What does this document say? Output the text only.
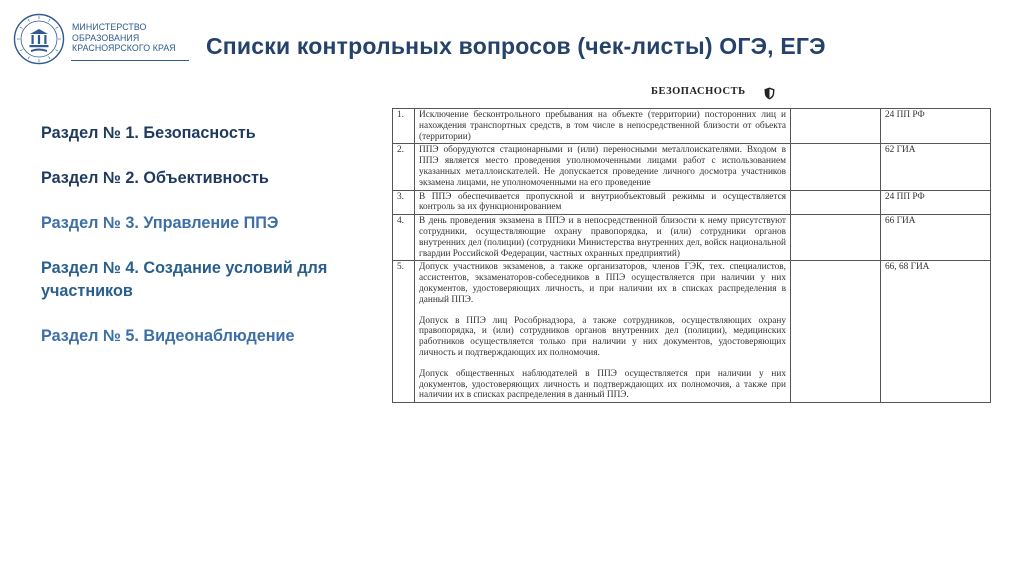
МИНИСТЕРСТВО
ОБРАЗОВАНИЯ
КРАСНОЯРСКОГО КРАЯ Списки контрольных вопросов (чек-листы) ОГЭ, ЕГЭ
Раздел № 1. Безопасность
Раздел № 2. Объективность
Раздел № 3. Управление ППЭ
Раздел № 4. Создание условий для участников
Раздел № 5. Видеонаблюдение
БЕЗОПАСНОСТЬ
1.	Исключение бесконтрольного пребывания на объекте (территории) посторонних лиц и нахождения транспортных средств, в том числе в непосредственной близости от объекта (территории)		24 ПП РФ
2.	ППЭ оборудуются стационарными и (или) переносными металлоискателями. Входом в ППЭ является место проведения уполномоченными лицами работ с использованием указанных металлоискателей. Не допускается проведение личного досмотра участников экзамена лицами, не уполномоченными на его проведение		62 ГИА
3.	В ППЭ обеспечивается пропускной и внутриобъектовый режимы и осуществляется контроль за их функционированием		24 ПП РФ
4.	В день проведения экзамена в ППЭ и в непосредственной близости к нему присутствуют сотрудники, осуществляющие охрану правопорядка, и (или) сотрудники органов внутренних дел (полиции) (сотрудники Министерства внутренних дел, войск национальной гвардии Российской Федерации, частных охранных предприятий)		66 ГИА
5.	Допуск участников экзаменов, а также организаторов, членов ГЭК, тех. специалистов, ассистентов, экзаменаторов-собеседников в ППЭ осуществляется при наличии у них документов, удостоверяющих личность, и при наличии их в списках распределения в данный ППЭ.

Допуск в ППЭ лиц Рособрнадзора, а также сотрудников, осуществляющих охрану правопорядка, и (или) сотрудников органов внутренних дел (полиции), медицинских работников осуществляется только при наличии у них документов, удостоверяющих личность и подтверждающих их полномочия.

Допуск общественных наблюдателей в ППЭ осуществляется при наличии у них документов, удостоверяющих личность и подтверждающих их полномочия, а также при наличии их в списках распределения в данный ППЭ.		66, 68 ГИА
